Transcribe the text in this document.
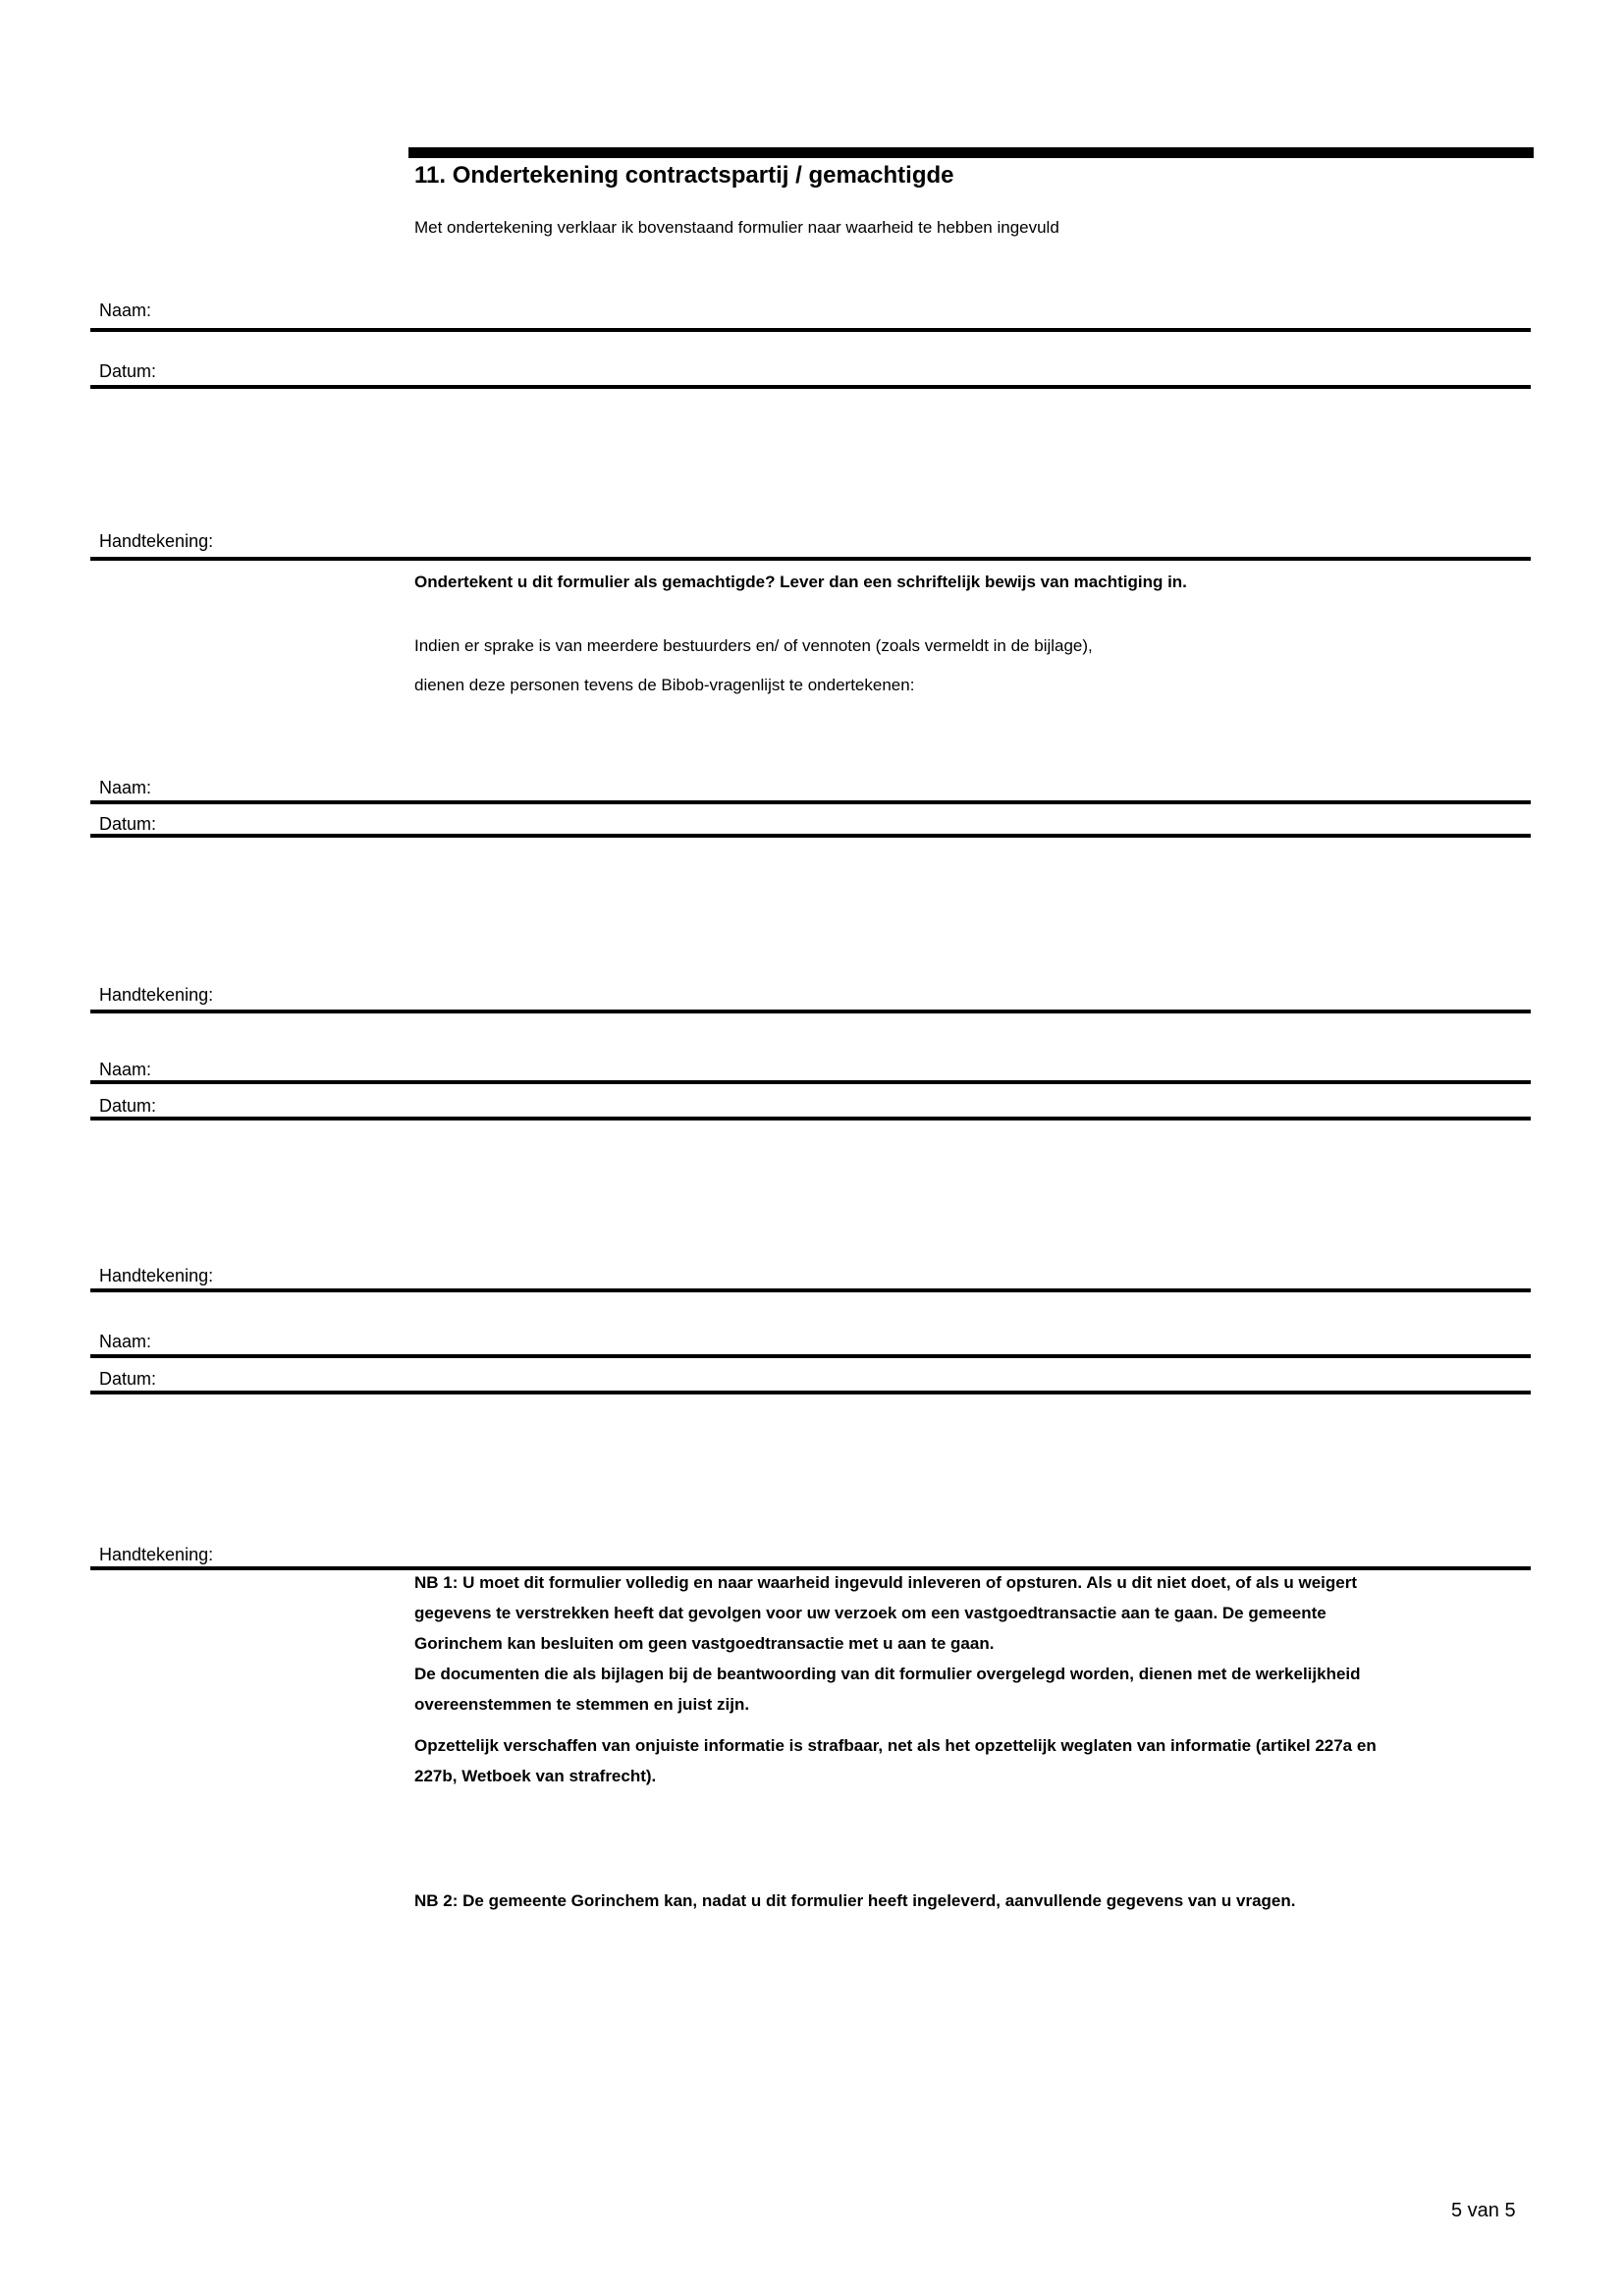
11. Ondertekening contractspartij / gemachtigde
Met ondertekening verklaar ik bovenstaand formulier naar waarheid te hebben ingevuld
Naam:
Datum:
Handtekening:
Ondertekent u dit formulier als gemachtigde? Lever dan een schriftelijk bewijs van machtiging in.
Indien er sprake is van meerdere bestuurders en/ of vennoten (zoals vermeldt in de bijlage),
dienen deze personen tevens de Bibob-vragenlijst te ondertekenen:
Naam:
Datum:
Handtekening:
Naam:
Datum:
Handtekening:
Naam:
Datum:
Handtekening:
NB 1: U moet dit formulier volledig en naar waarheid ingevuld inleveren of opsturen. Als u dit niet doet, of als u weigert
gegevens te verstrekken heeft dat gevolgen voor uw verzoek om een vastgoedtransactie aan te gaan. De gemeente
Gorinchem kan besluiten om geen vastgoedtransactie met u aan te gaan.
De documenten die als bijlagen bij de beantwoording van dit formulier overgelegd worden, dienen met de werkelijkheid
overeenstemmen te stemmen en juist zijn.
Opzettelijk verschaffen van onjuiste informatie is strafbaar, net als het opzettelijk weglaten van informatie (artikel 227a en
227b, Wetboek van strafrecht).
NB 2: De gemeente Gorinchem kan, nadat u dit formulier heeft ingeleverd, aanvullende gegevens van u vragen.
5 van 5
